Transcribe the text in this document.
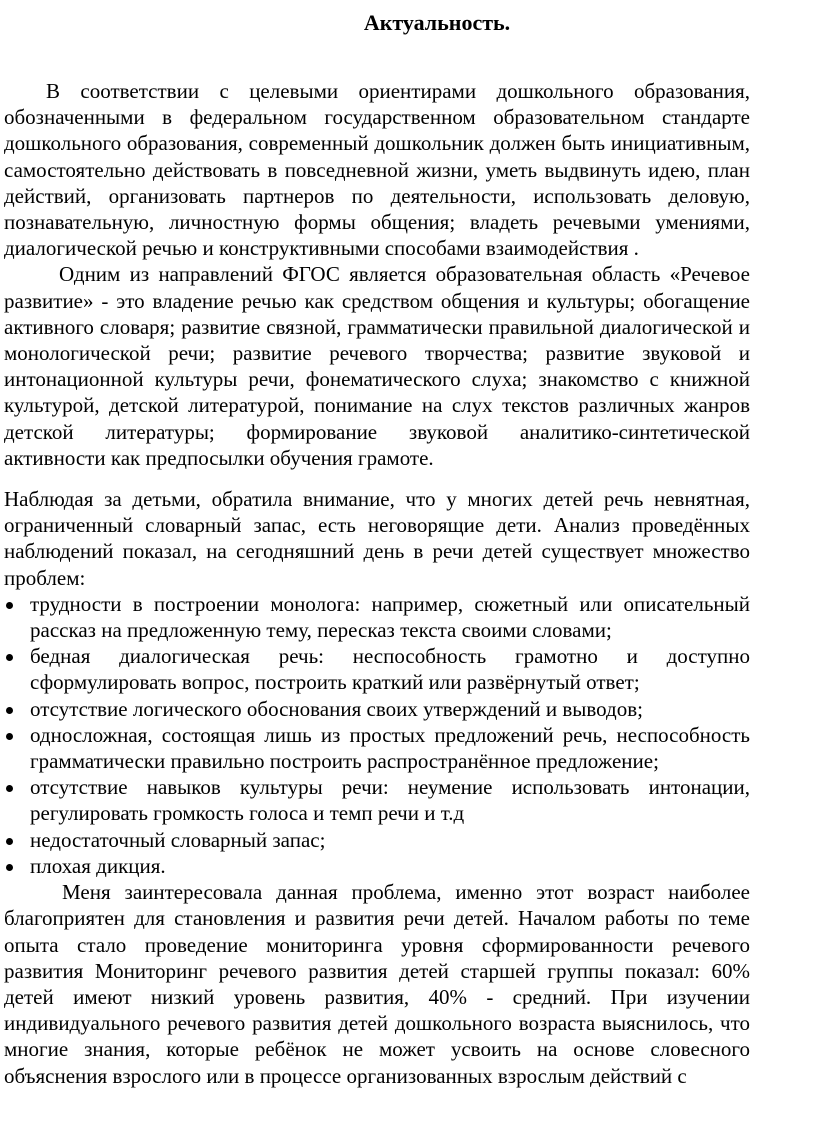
Актуальность.

В соответствии с целевыми ориентирами дошкольного образования, обозначенными в федеральном государственном образовательном стандарте дошкольного образования, современный дошкольник должен быть инициативным, самостоятельно действовать в повседневной жизни, уметь выдвинуть идею, план действий, организовать партнеров по деятельности, использовать деловую, познавательную, личностную формы общения; владеть речевыми умениями, диалогической речью и конструктивными способами взаимодействия .

Одним из направлений ФГОС является образовательная область «Речевое развитие» - это владение речью как средством общения и культуры; обогащение активного словаря; развитие связной, грамматически правильной диалогической и монологической речи; развитие речевого творчества; развитие звуковой и интонационной культуры речи, фонематического слуха; знакомство с книжной культурой, детской литературой, понимание на слух текстов различных жанров детской литературы; формирование звуковой аналитико-синтетической активности как предпосылки обучения грамоте.

Наблюдая за детьми, обратила внимание, что у многих детей речь невнятная, ограниченный словарный запас, есть неговорящие дети. Анализ проведённых наблюдений показал, на сегодняшний день в речи детей существует множество проблем:

трудности в построении монолога: например, сюжетный или описательный рассказ на предложенную тему, пересказ текста своими словами;
бедная диалогическая речь: неспособность грамотно и доступно сформулировать вопрос, построить краткий или развёрнутый ответ;
отсутствие логического обоснования своих утверждений и выводов;
односложная, состоящая лишь из простых предложений речь, неспособность грамматически правильно построить распространённое предложение;
отсутствие навыков культуры речи: неумение использовать интонации, регулировать громкость голоса и темп речи и т.д
недостаточный словарный запас;
плохая дикция.

Меня заинтересовала данная проблема, именно этот возраст наиболее благоприятен для становления и развития речи детей. Началом работы по теме опыта стало проведение мониторинга уровня сформированности речевого развития Мониторинг речевого развития детей старшей группы показал: 60% детей имеют низкий уровень развития, 40% - средний. При изучении индивидуального речевого развития детей дошкольного возраста выяснилось, что многие знания, которые ребёнок не может усвоить на основе словесного объяснения взрослого или в процессе организованных взрослым действий с
